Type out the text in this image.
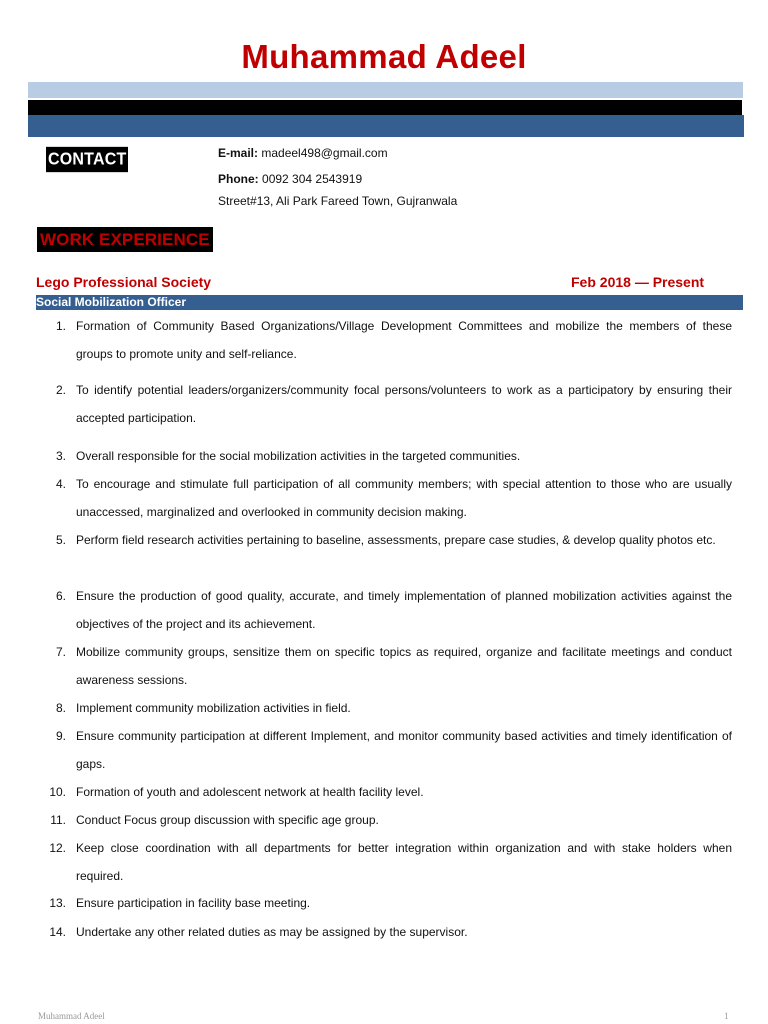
Muhammad Adeel
CONTACT	E-mail: madeel498@gmail.com
Phone: 0092 304 2543919
Street#13, Ali Park Fareed Town, Gujranwala
WORK EXPERIENCE
Lego Professional Society	Feb 2018 — Present
Social Mobilization Officer
1. Formation of Community Based Organizations/Village Development Committees and mobilize the members of these groups to promote unity and self-reliance.
2. To identify potential leaders/organizers/community focal persons/volunteers to work as a participatory by ensuring their accepted participation.
3. Overall responsible for the social mobilization activities in the targeted communities.
4. To encourage and stimulate full participation of all community members; with special attention to those who are usually unaccessed, marginalized and overlooked in community decision making.
5. Perform field research activities pertaining to baseline, assessments, prepare case studies, & develop quality photos etc.
6. Ensure the production of good quality, accurate, and timely implementation of planned mobilization activities against the objectives of the project and its achievement.
7. Mobilize community groups, sensitize them on specific topics as required, organize and facilitate meetings and conduct awareness sessions.
8. Implement community mobilization activities in field.
9. Ensure community participation at different Implement, and monitor community based activities and timely identification of gaps.
10. Formation of youth and adolescent network at health facility level.
11. Conduct Focus group discussion with specific age group.
12. Keep close coordination with all departments for better integration within organization and with stake holders when required.
13. Ensure participation in facility base meeting.
14. Undertake any other related duties as may be assigned by the supervisor.
Muhammad Adeel	1
